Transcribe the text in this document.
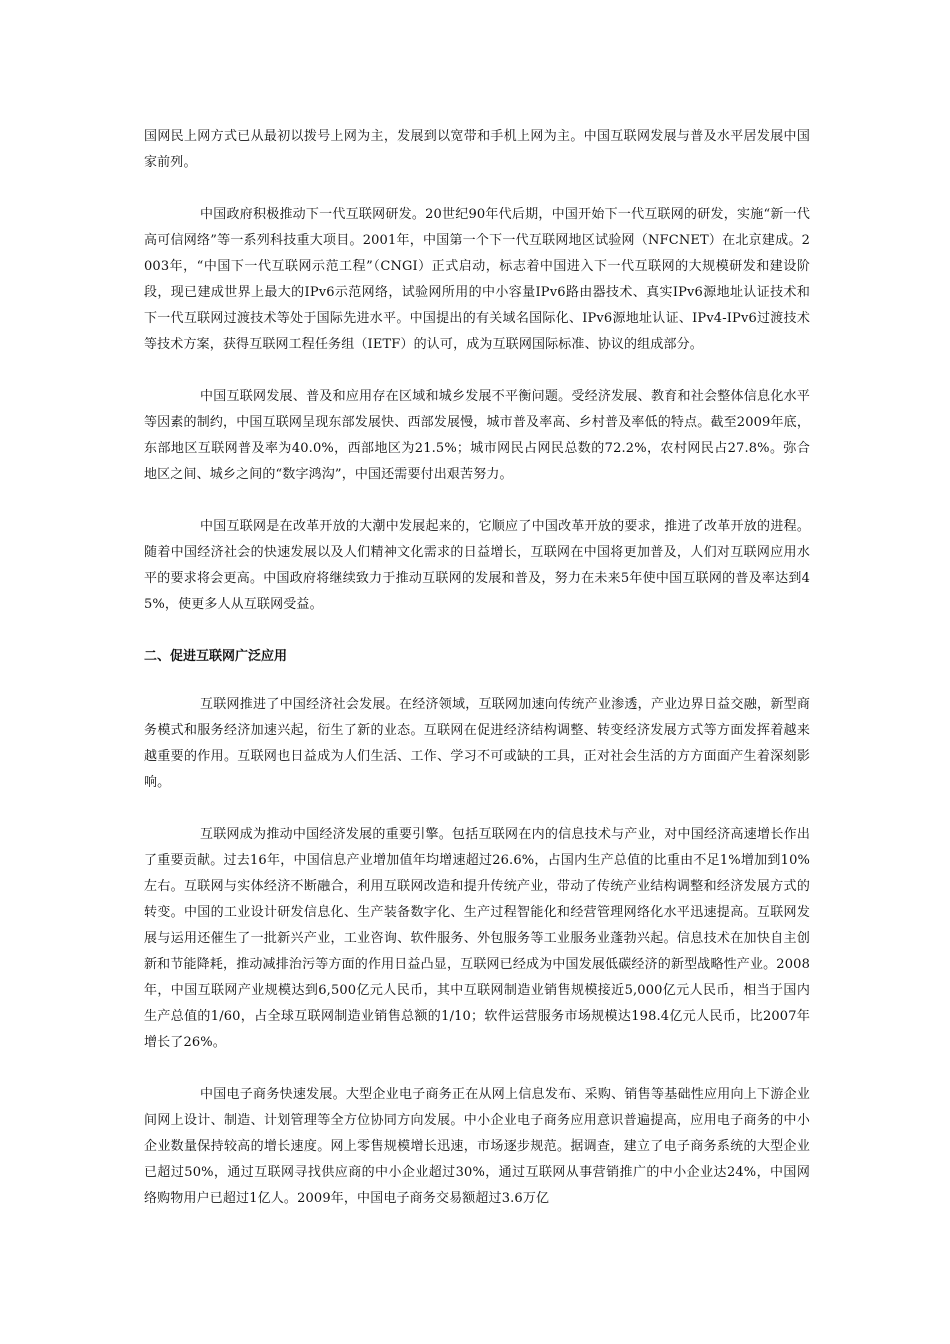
国网民上网方式已从最初以拨号上网为主，发展到以宽带和手机上网为主。中国互联网发展与普及水平居发展中国家前列。

中国政府积极推动下一代互联网研发。20世纪90年代后期，中国开始下一代互联网的研发，实施“新一代高可信网络”等一系列科技重大项目。2001年，中国第一个下一代互联网地区试验网（NFCNET）在北京建成。2003年，“中国下一代互联网示范工程”（CNGI）正式启动，标志着中国进入下一代互联网的大规模研发和建设阶段，现已建成世界上最大的IPv6示范网络，试验网所用的中小容量IPv6路由器技术、真实IPv6源地址认证技术和下一代互联网过渡技术等处于国际先进水平。中国提出的有关域名国际化、IPv6源地址认证、IPv4-IPv6过渡技术等技术方案，获得互联网工程任务组（IETF）的认可，成为互联网国际标准、协议的组成部分。

中国互联网发展、普及和应用存在区域和城乡发展不平衡问题。受经济发展、教育和社会整体信息化水平等因素的制约，中国互联网呈现东部发展快、西部发展慢，城市普及率高、乡村普及率低的特点。截至2009年底，东部地区互联网普及率为40.0%，西部地区为21.5%；城市网民占网民总数的72.2%，农村网民占27.8%。弥合地区之间、城乡之间的“数字鸿沟”，中国还需要付出艰苦努力。

中国互联网是在改革开放的大潮中发展起来的，它顺应了中国改革开放的要求，推进了改革开放的进程。随着中国经济社会的快速发展以及人们精神文化需求的日益增长，互联网在中国将更加普及，人们对互联网应用水平的要求将会更高。中国政府将继续致力于推动互联网的发展和普及，努力在未来5年使中国互联网的普及率达到45%，使更多人从互联网受益。

二、促进互联网广泛应用

互联网推进了中国经济社会发展。在经济领域，互联网加速向传统产业渗透，产业边界日益交融，新型商务模式和服务经济加速兴起，衍生了新的业态。互联网在促进经济结构调整、转变经济发展方式等方面发挥着越来越重要的作用。互联网也日益成为人们生活、工作、学习不可或缺的工具，正对社会生活的方方面面产生着深刻影响。

互联网成为推动中国经济发展的重要引擎。包括互联网在内的信息技术与产业，对中国经济高速增长作出了重要贡献。过去16年，中国信息产业增加值年均增速超过26.6%，占国内生产总值的比重由不足1%增加到10%左右。互联网与实体经济不断融合，利用互联网改造和提升传统产业，带动了传统产业结构调整和经济发展方式的转变。中国的工业设计研发信息化、生产装备数字化、生产过程智能化和经营管理网络化水平迅速提高。互联网发展与运用还催生了一批新兴产业，工业咨询、软件服务、外包服务等工业服务业蓬勃兴起。信息技术在加快自主创新和节能降耗，推动减排治污等方面的作用日益凸显，互联网已经成为中国发展低碳经济的新型战略性产业。2008年，中国互联网产业规模达到6,500亿元人民币，其中互联网制造业销售规模接近5,000亿元人民币，相当于国内生产总值的1/60，占全球互联网制造业销售总额的1/10；软件运营服务市场规模达198.4亿元人民币，比2007年增长了26%。

中国电子商务快速发展。大型企业电子商务正在从网上信息发布、采购、销售等基础性应用向上下游企业间网上设计、制造、计划管理等全方位协同方向发展。中小企业电子商务应用意识普遍提高，应用电子商务的中小企业数量保持较高的增长速度。网上零售规模增长迅速，市场逐步规范。据调查，建立了电子商务系统的大型企业已超过50%，通过互联网寻找供应商的中小企业超过30%，通过互联网从事营销推广的中小企业达24%，中国网络购物用户已超过1亿人。2009年，中国电子商务交易额超过3.6万亿
